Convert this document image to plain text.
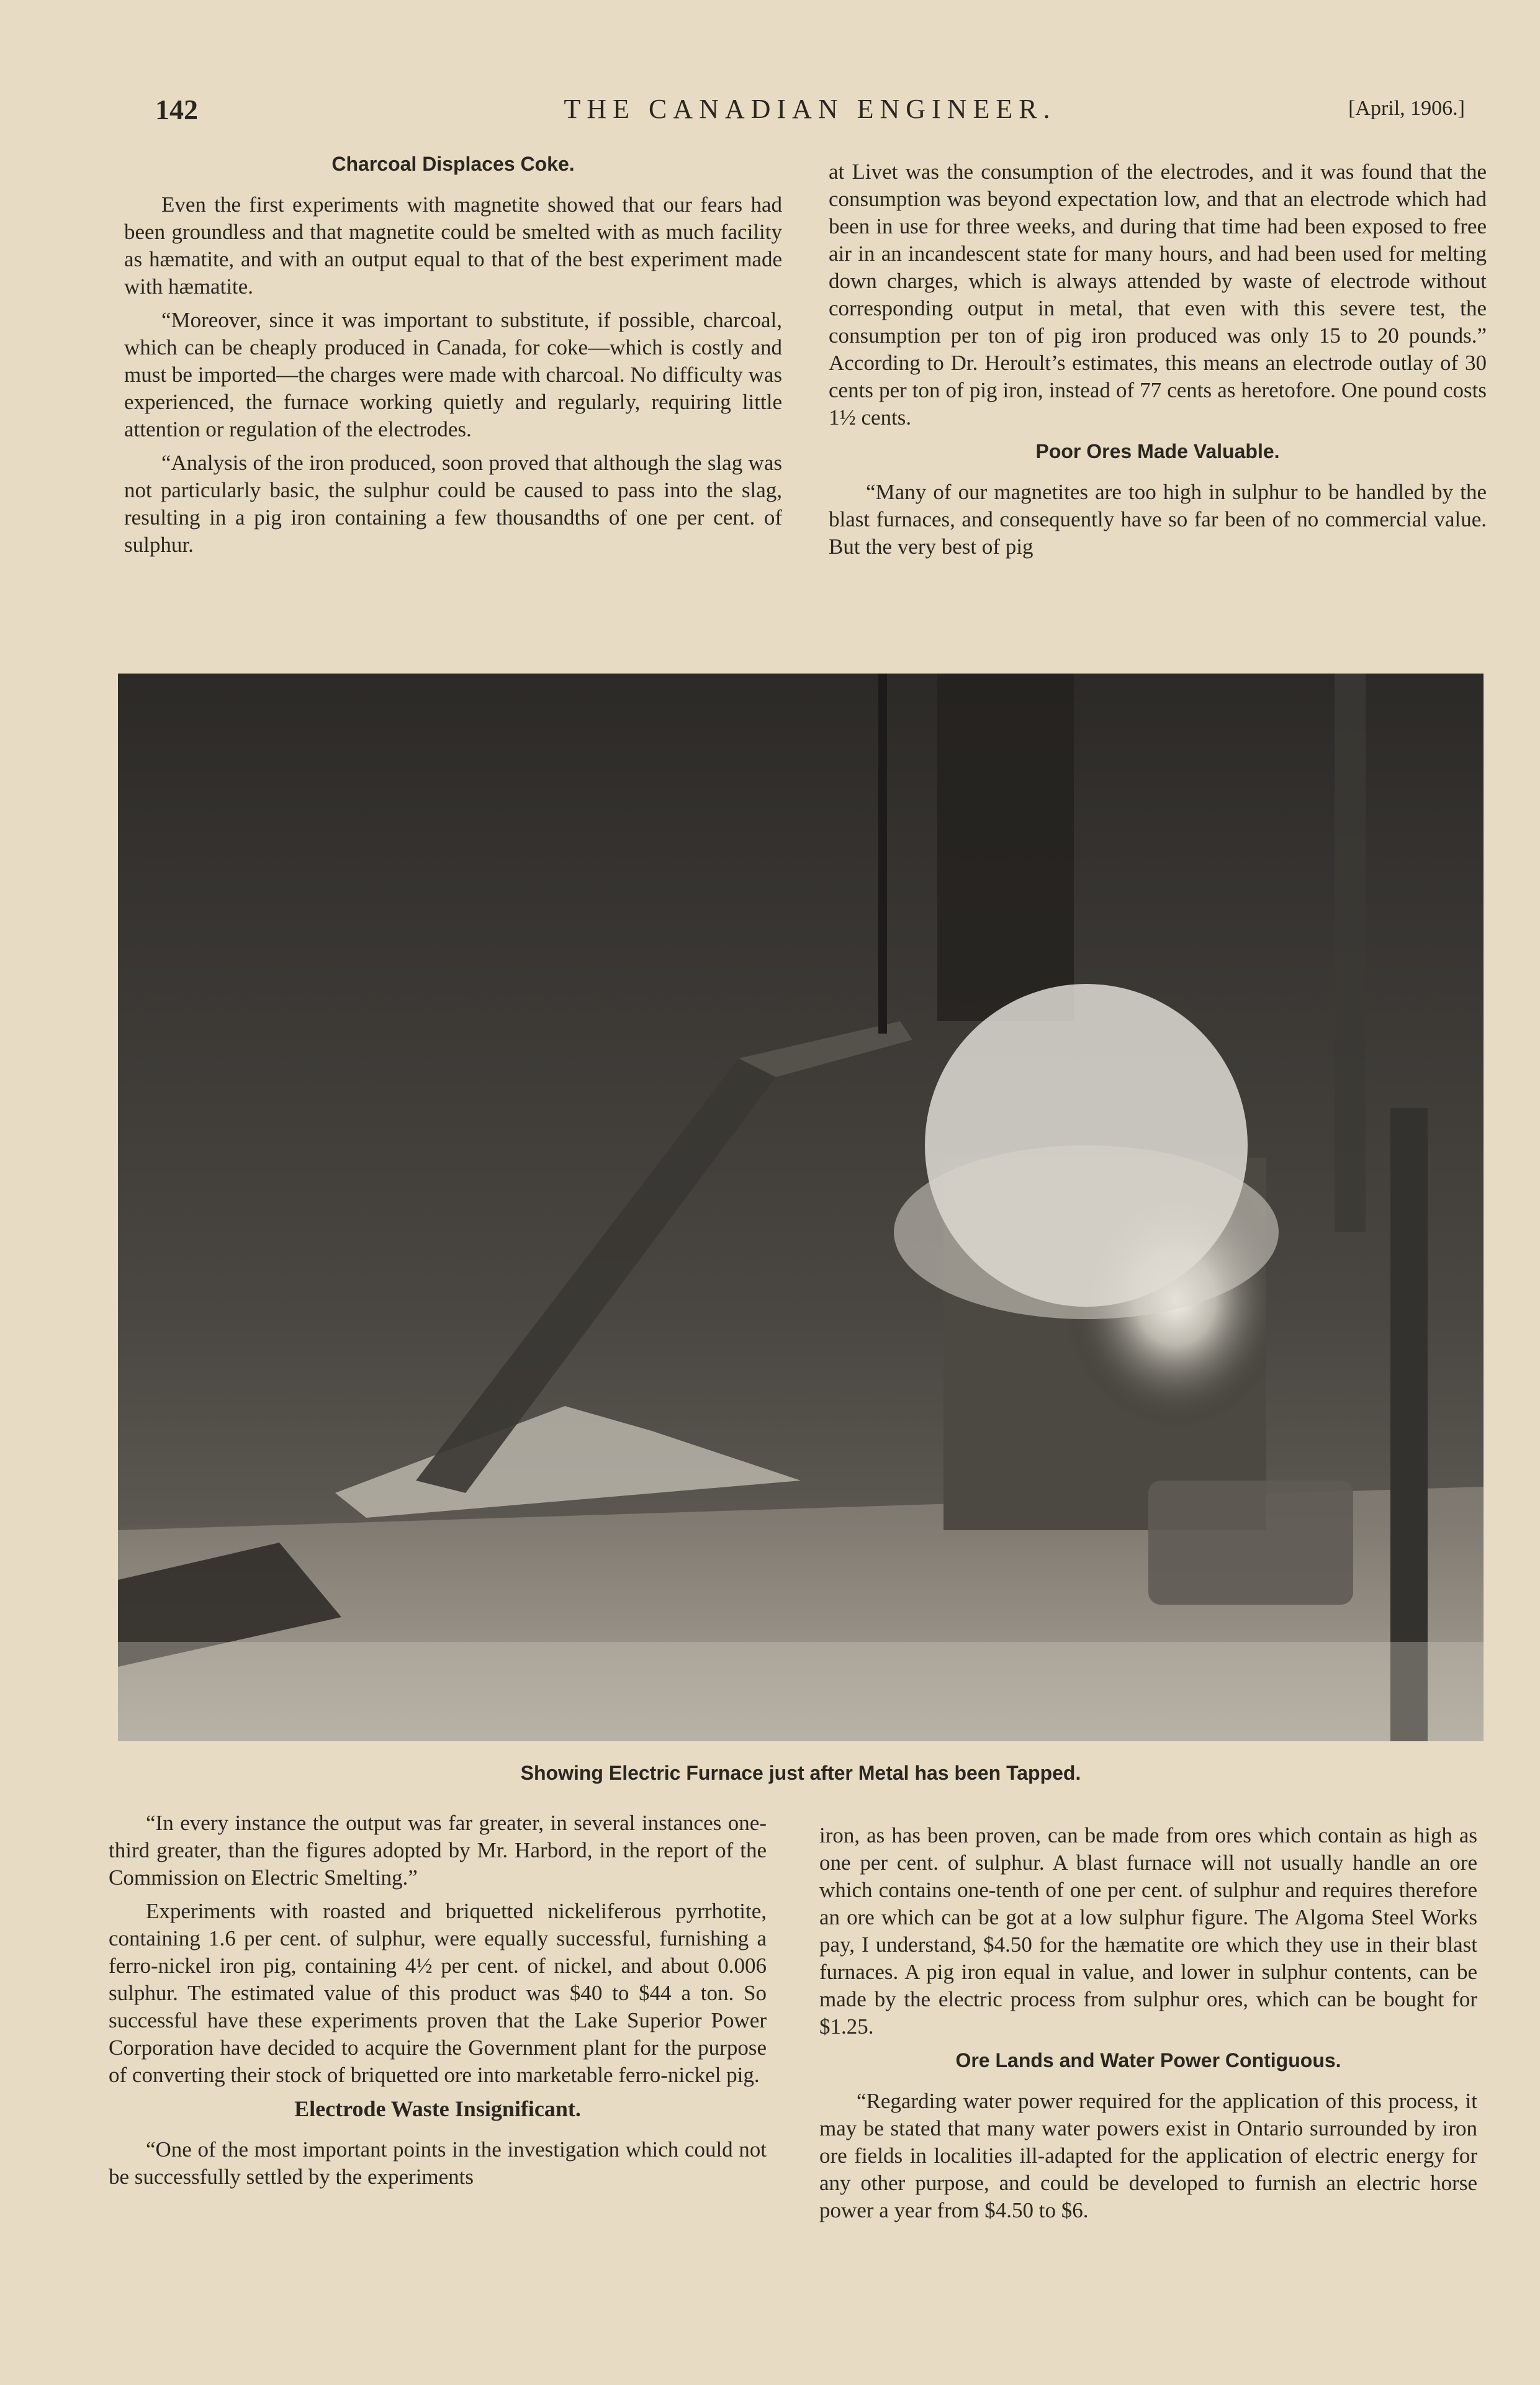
142	THE CANADIAN ENGINEER.	[April, 1906.]
Charcoal Displaces Coke.

Even the first experiments with magnetite showed that our fears had been groundless and that magnetite could be smelted with as much facility as hæmatite, and with an output equal to that of the best experiment made with hæmatite.

“Moreover, since it was important to substitute, if possible, charcoal, which can be cheaply produced in Canada, for coke—which is costly and must be imported—the charges were made with charcoal. No difficulty was experienced, the furnace working quietly and regularly, requiring little attention or regulation of the electrodes.

“Analysis of the iron produced, soon proved that although the slag was not particularly basic, the sulphur could be caused to pass into the slag, resulting in a pig iron containing a few thousandths of one per cent. of sulphur.

at Livet was the consumption of the electrodes, and it was found that the consumption was beyond expectation low, and that an electrode which had been in use for three weeks, and during that time had been exposed to free air in an incandescent state for many hours, and had been used for melting down charges, which is always attended by waste of electrode without corresponding output in metal, that even with this severe test, the consumption per ton of pig iron produced was only 15 to 20 pounds.” According to Dr. Heroult’s estimates, this means an electrode outlay of 30 cents per ton of pig iron, instead of 77 cents as heretofore. One pound costs 1½ cents.

Poor Ores Made Valuable.

“Many of our magnetites are too high in sulphur to be handled by the blast furnaces, and consequently have so far been of no commercial value. But the very best of pig

Showing Electric Furnace just after Metal has been Tapped.

“In every instance the output was far greater, in several instances one-third greater, than the figures adopted by Mr. Harbord, in the report of the Commission on Electric Smelting.”

Experiments with roasted and briquetted nickeliferous pyrrhotite, containing 1.6 per cent. of sulphur, were equally successful, furnishing a ferro-nickel iron pig, containing 4½ per cent. of nickel, and about 0.006 sulphur. The estimated value of this product was $40 to $44 a ton. So successful have these experiments proven that the Lake Superior Power Corporation have decided to acquire the Government plant for the purpose of converting their stock of briquetted ore into marketable ferro-nickel pig.

Electrode Waste Insignificant.

“One of the most important points in the investigation which could not be successfully settled by the experiments

iron, as has been proven, can be made from ores which contain as high as one per cent. of sulphur. A blast furnace will not usually handle an ore which contains one-tenth of one per cent. of sulphur and requires therefore an ore which can be got at a low sulphur figure. The Algoma Steel Works pay, I understand, $4.50 for the hæmatite ore which they use in their blast furnaces. A pig iron equal in value, and lower in sulphur contents, can be made by the electric process from sulphur ores, which can be bought for $1.25.

Ore Lands and Water Power Contiguous.

“Regarding water power required for the application of this process, it may be stated that many water powers exist in Ontario surrounded by iron ore fields in localities ill-adapted for the application of electric energy for any other purpose, and could be developed to furnish an electric horse power a year from $4.50 to $6.
